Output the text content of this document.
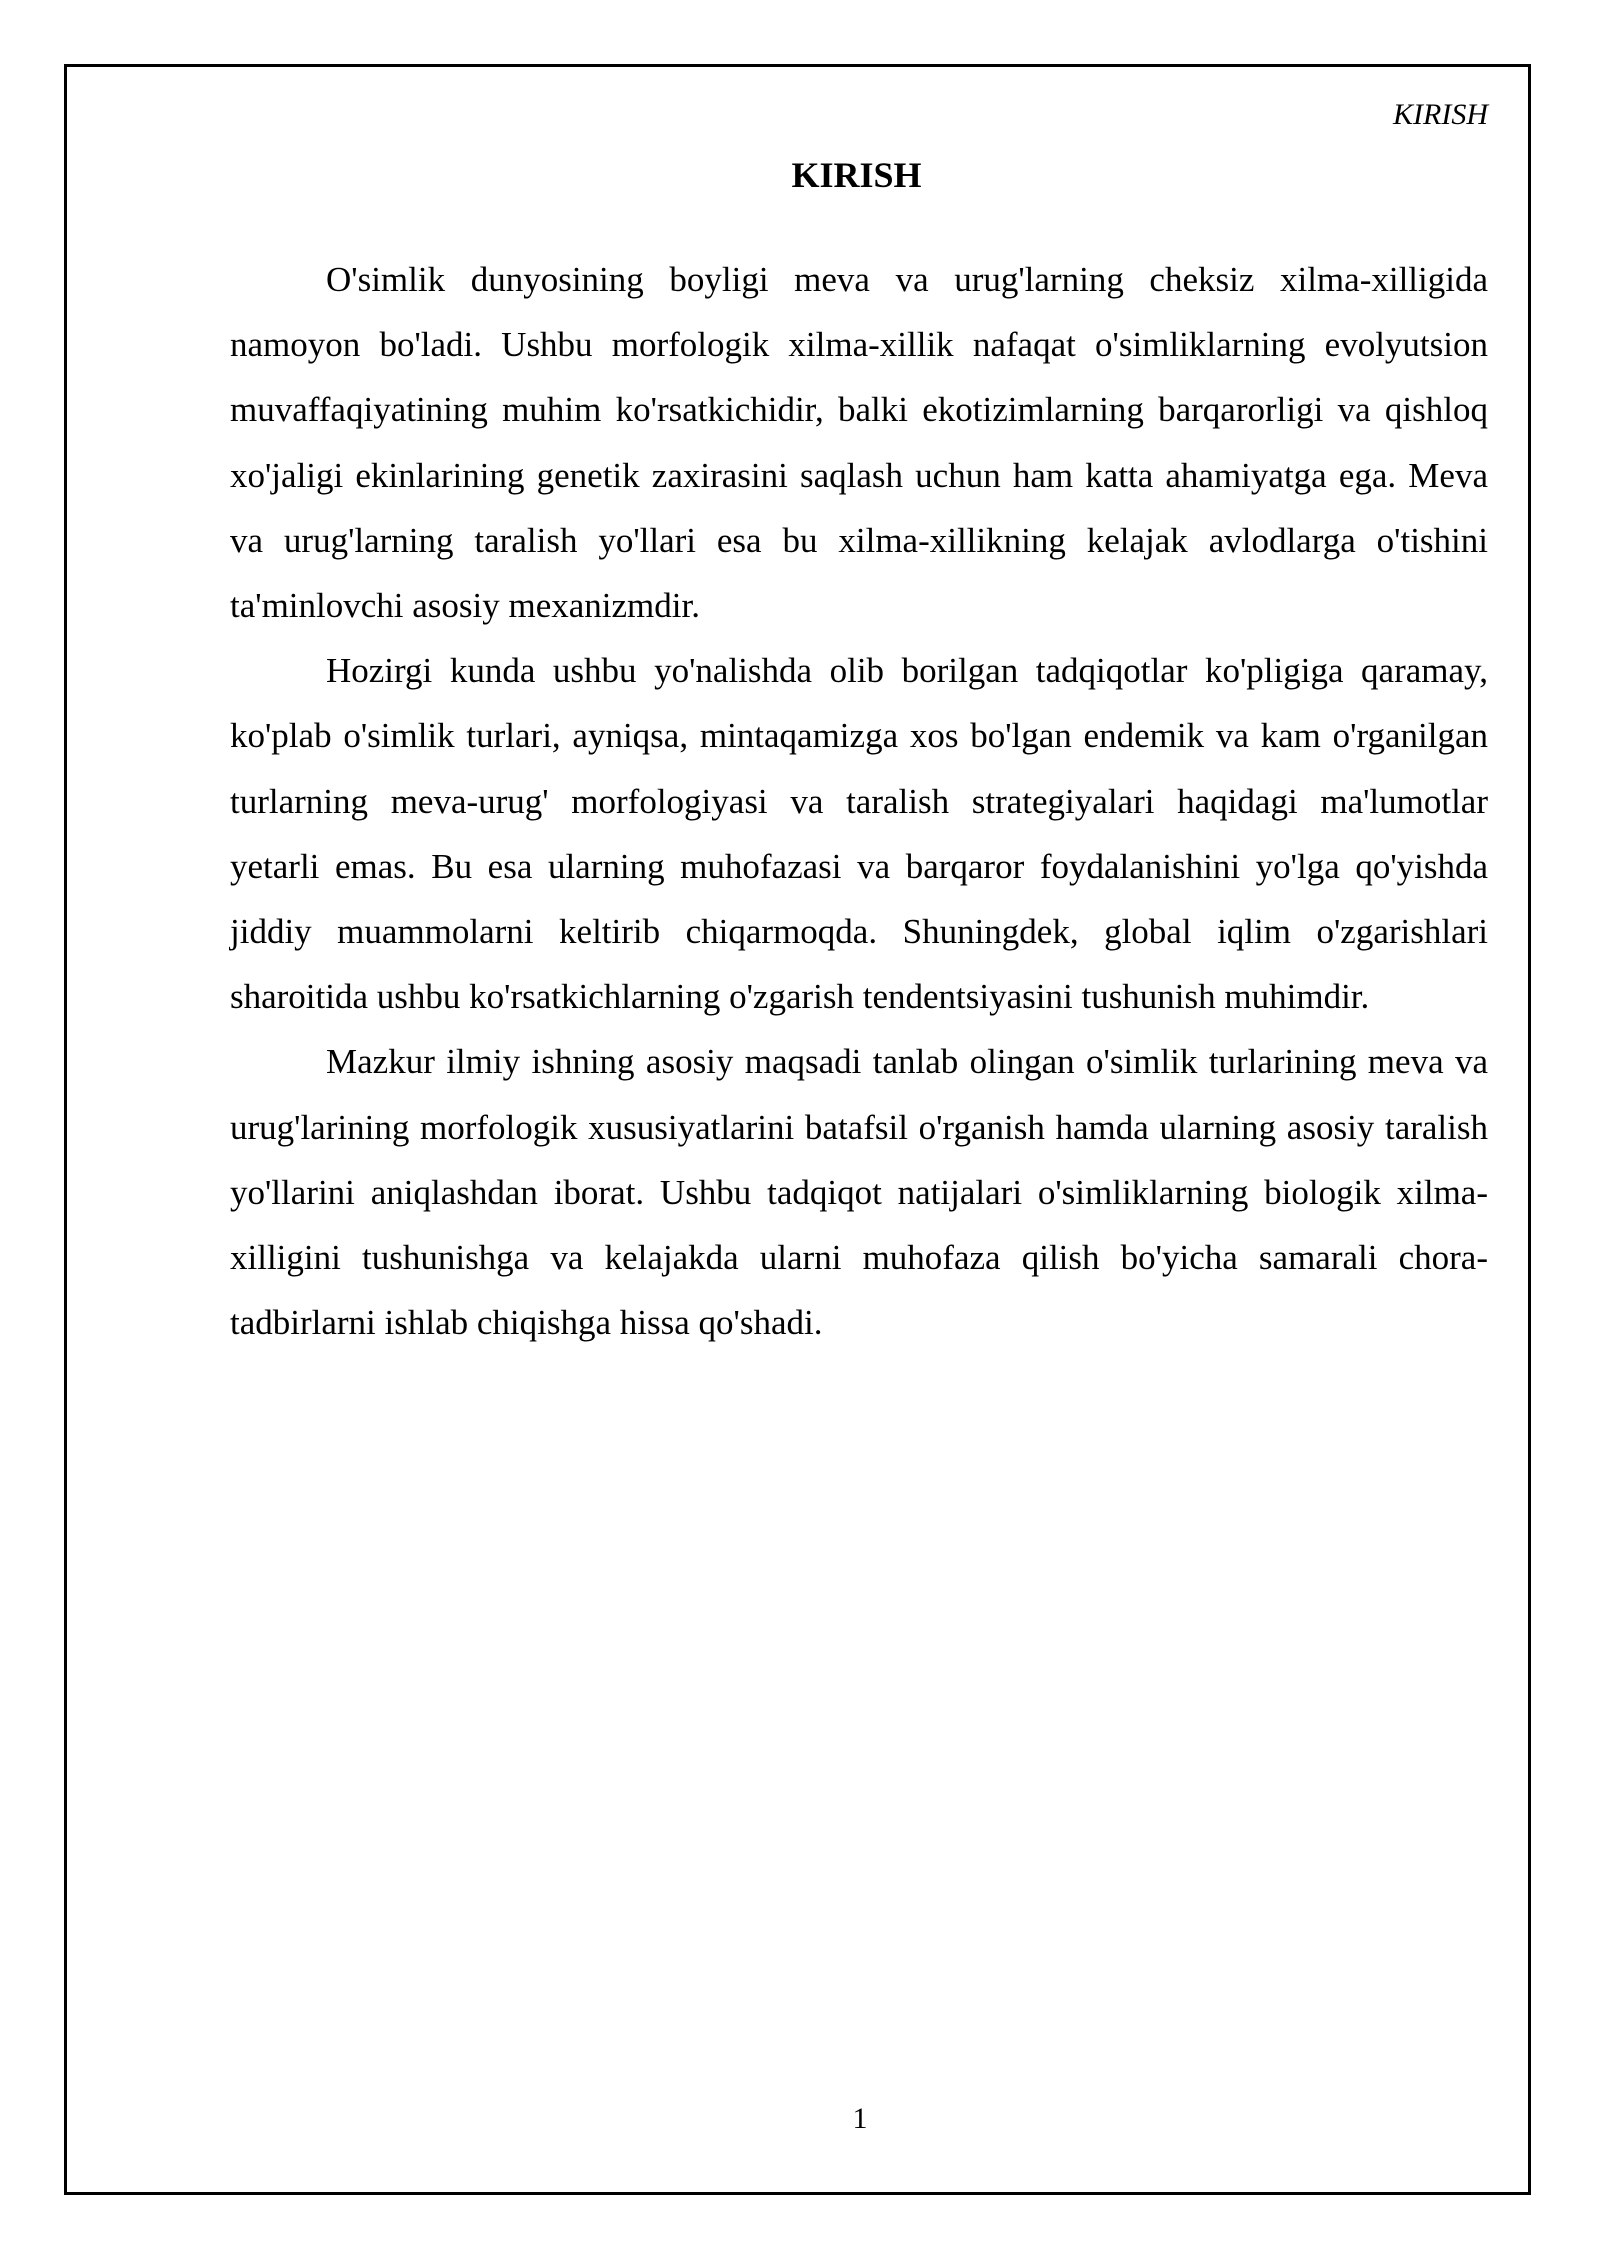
KIRISH
KIRISH

O'simlik dunyosining boyligi meva va urug'larning cheksiz xilma-xilligida namoyon bo'ladi. Ushbu morfologik xilma-xillik nafaqat o'simliklarning evolyutsion muvaffaqiyatining muhim ko'rsatkichidir, balki ekotizimlarning barqarorligi va qishloq xo'jaligi ekinlarining genetik zaxirasini saqlash uchun ham katta ahamiyatga ega. Meva va urug'larning taralish yo'llari esa bu xilma-xillikning kelajak avlodlarga o'tishini ta'minlovchi asosiy mexanizmdir.

Hozirgi kunda ushbu yo'nalishda olib borilgan tadqiqotlar ko'pligiga qaramay, ko'plab o'simlik turlari, ayniqsa, mintaqamizga xos bo'lgan endemik va kam o'rganilgan turlarning meva-urug' morfologiyasi va taralish strategiyalari haqidagi ma'lumotlar yetarli emas. Bu esa ularning muhofazasi va barqaror foydalanishini yo'lga qo'yishda jiddiy muammolarni keltirib chiqarmoqda. Shuningdek, global iqlim o'zgarishlari sharoitida ushbu ko'rsatkichlarning o'zgarish tendentsiyasini tushunish muhimdir.

Mazkur ilmiy ishning asosiy maqsadi tanlab olingan o'simlik turlarining meva va urug'larining morfologik xususiyatlarini batafsil o'rganish hamda ularning asosiy taralish yo'llarini aniqlashdan iborat. Ushbu tadqiqot natijalari o'simliklarning biologik xilma-xilligini tushunishga va kelajakda ularni muhofaza qilish bo'yicha samarali chora-tadbirlarni ishlab chiqishga hissa qo'shadi.

1
